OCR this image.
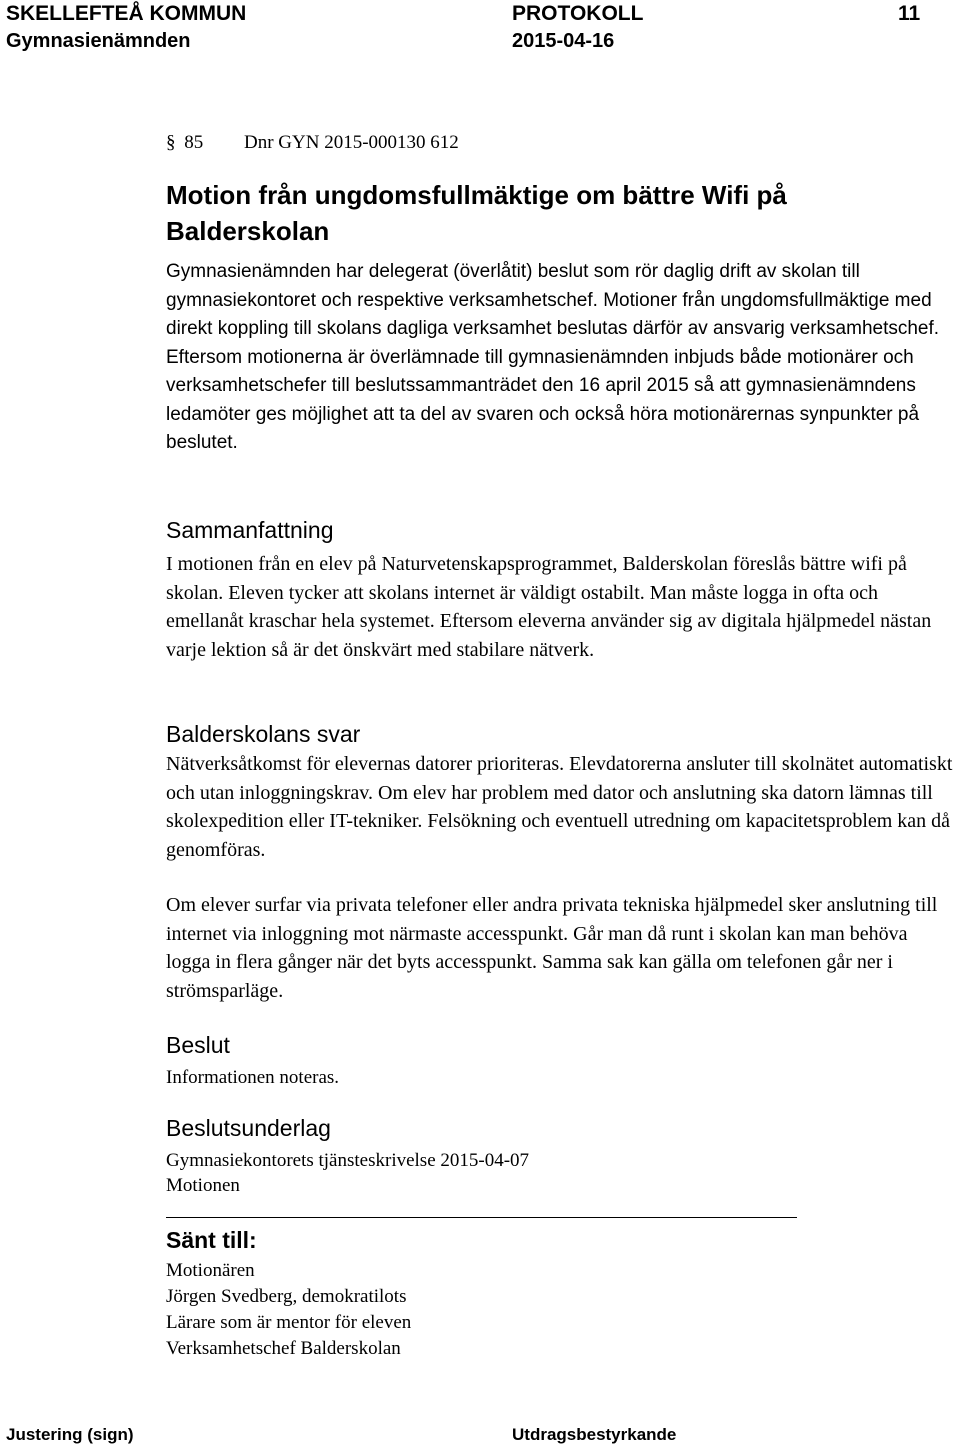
SKELLEFTEÅ KOMMUN	PROTOKOLL	11
Gymnasienämnden	2015-04-16
§ 85 Dnr GYN 2015-000130 612
Motion från ungdomsfullmäktige om bättre Wifi på Balderskolan

Gymnasienämnden har delegerat (överlåtit) beslut som rör daglig drift av skolan till gymnasiekontoret och respektive verksamhetschef. Motioner från ungdomsfullmäktige med direkt koppling till skolans dagliga verksamhet beslutas därför av ansvarig verksamhetschef. Eftersom motionerna är överlämnade till gymnasienämnden inbjuds både motionärer och verksamhetschefer till beslutssammanträdet den 16 april 2015 så att gymnasienämndens ledamöter ges möjlighet att ta del av svaren och också höra motionärernas synpunkter på beslutet.

Sammanfattning

I motionen från en elev på Naturvetenskapsprogrammet, Balderskolan föreslås bättre wifi på skolan. Eleven tycker att skolans internet är väldigt ostabilt. Man måste logga in ofta och emellanåt kraschar hela systemet. Eftersom eleverna använder sig av digitala hjälpmedel nästan varje lektion så är det önskvärt med stabilare nätverk.

Balderskolans svar

Nätverksåtkomst för elevernas datorer prioriteras. Elevdatorerna ansluter till skolnätet automatiskt och utan inloggningskrav. Om elev har problem med dator och anslutning ska datorn lämnas till skolexpedition eller IT-tekniker. Felsökning och eventuell utredning om kapacitetsproblem kan då genomföras.

Om elever surfar via privata telefoner eller andra privata tekniska hjälpmedel sker anslutning till internet via inloggning mot närmaste accesspunkt. Går man då runt i skolan kan man behöva logga in flera gånger när det byts accesspunkt. Samma sak kan gälla om telefonen går ner i strömsparläge.

Beslut

Informationen noteras.

Beslutsunderlag

Gymnasiekontorets tjänsteskrivelse 2015-04-07

Motionen

Sänt till:

Motionären

Jörgen Svedberg, demokratilots

Lärare som är mentor för eleven

Verksamhetschef Balderskolan

Justering (sign)	Utdragsbestyrkande
